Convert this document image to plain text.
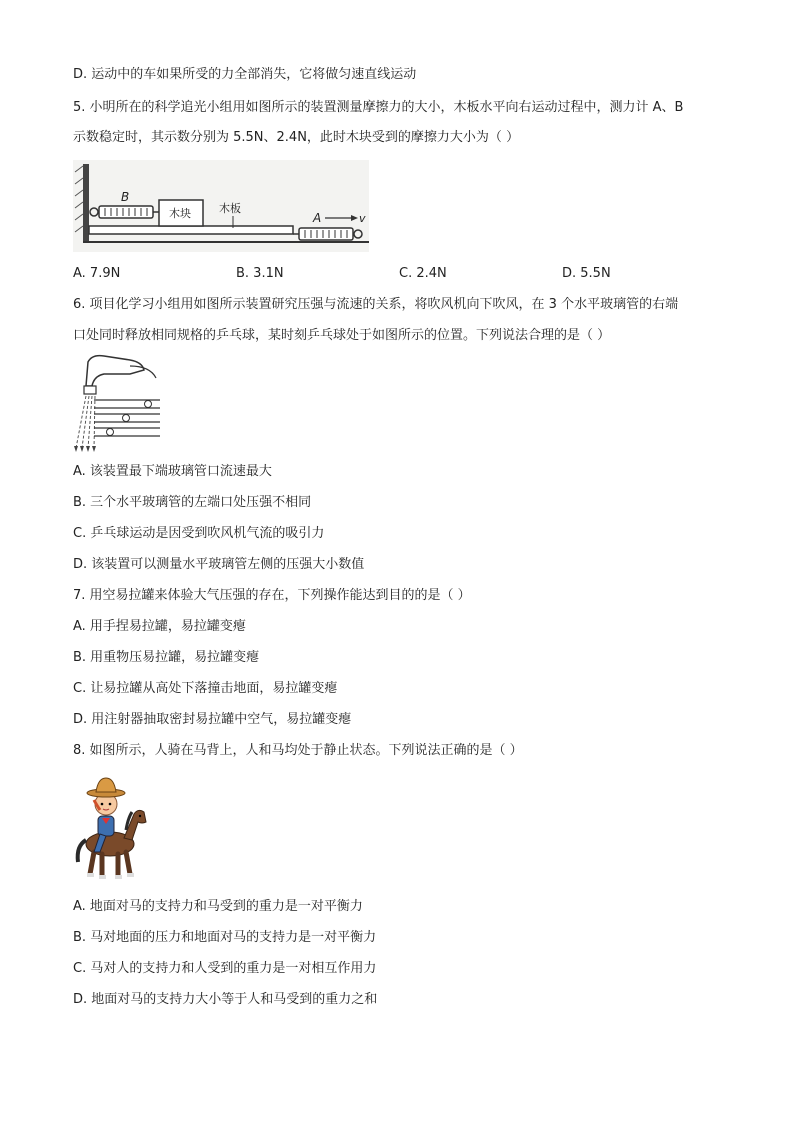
D. 运动中的车如果所受的力全部消失，它将做匀速直线运动
5. 小明所在的科学追光小组用如图所示的装置测量摩擦力的大小，木板水平向右运动过程中，测力计 A、B
示数稳定时，其示数分别为 5.5N、2.4N，此时木块受到的摩擦力大小为（ ）
B
木块	木板
A	v
A. 7.9N	B. 3.1N	C. 2.4N	D. 5.5N
6. 项目化学习小组用如图所示装置研究压强与流速的关系，将吹风机向下吹风，在 3 个水平玻璃管的右端
口处同时释放相同规格的乒乓球，某时刻乒乓球处于如图所示的位置。下列说法合理的是（ ）
A. 该装置最下端玻璃管口流速最大
B. 三个水平玻璃管的左端口处压强不相同
C. 乒乓球运动是因受到吹风机气流的吸引力
D. 该装置可以测量水平玻璃管左侧的压强大小数值
7. 用空易拉罐来体验大气压强的存在，下列操作能达到目的的是（ ）
A. 用手捏易拉罐，易拉罐变瘪
B. 用重物压易拉罐，易拉罐变瘪
C. 让易拉罐从高处下落撞击地面，易拉罐变瘪
D. 用注射器抽取密封易拉罐中空气，易拉罐变瘪
8. 如图所示，人骑在马背上，人和马均处于静止状态。下列说法正确的是（ ）
A. 地面对马的支持力和马受到的重力是一对平衡力
B. 马对地面的压力和地面对马的支持力是一对平衡力
C. 马对人的支持力和人受到的重力是一对相互作用力
D. 地面对马的支持力大小等于人和马受到的重力之和
